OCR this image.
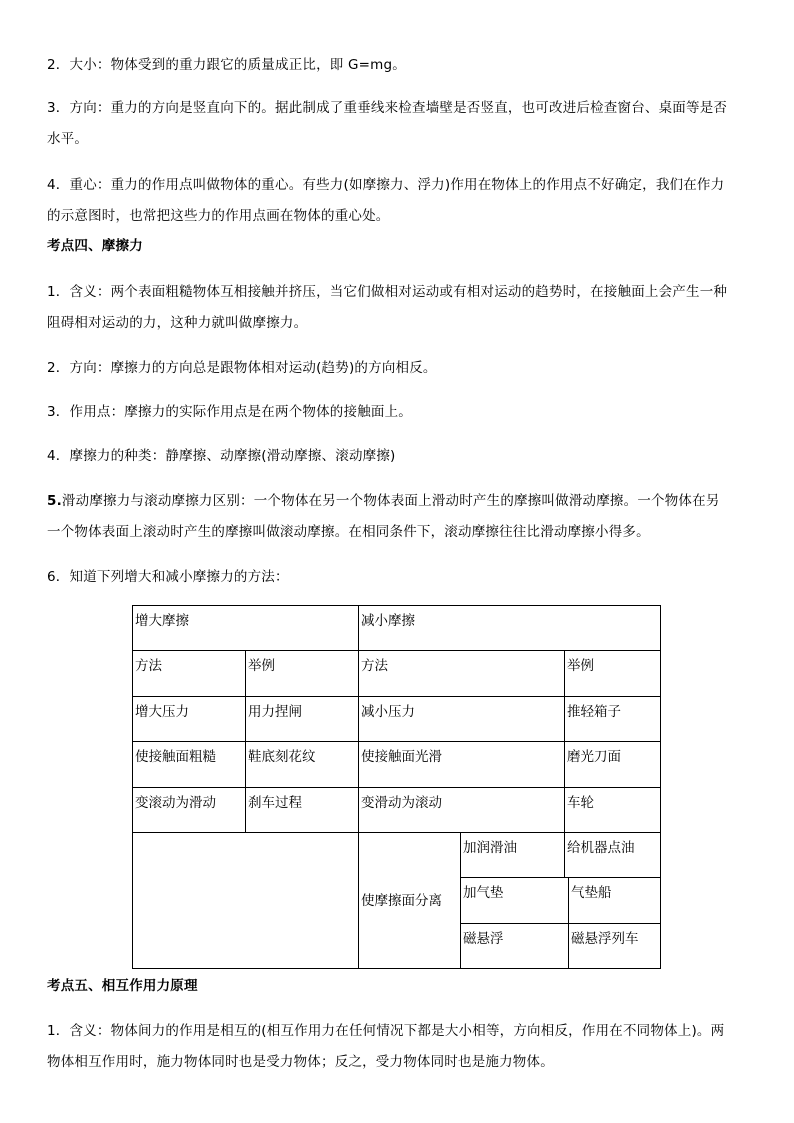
2．大小：物体受到的重力跟它的质量成正比，即 G=mg。

3．方向：重力的方向是竖直向下的。据此制成了重垂线来检查墙壁是否竖直，也可改进后检查窗台、桌面等是否

水平。

4．重心：重力的作用点叫做物体的重心。有些力(如摩擦力、浮力)作用在物体上的作用点不好确定，我们在作力

的示意图时，也常把这些力的作用点画在物体的重心处。

考点四、摩擦力

1．含义：两个表面粗糙物体互相接触并挤压，当它们做相对运动或有相对运动的趋势时，在接触面上会产生一种

阻碍相对运动的力，这种力就叫做摩擦力。

2．方向：摩擦力的方向总是跟物体相对运动(趋势)的方向相反。

3．作用点：摩擦力的实际作用点是在两个物体的接触面上。

4．摩擦力的种类：静摩擦、动摩擦(滑动摩擦、滚动摩擦)

5.滑动摩擦力与滚动摩擦力区别：一个物体在另一个物体表面上滑动时产生的摩擦叫做滑动摩擦。一个物体在另

一个物体表面上滚动时产生的摩擦叫做滚动摩擦。在相同条件下，滚动摩擦往往比滑动摩擦小得多。

6．知道下列增大和减小摩擦力的方法：

增大摩擦		减小摩擦			
方法	举例	方法		举例	
增大压力	用力捏闸	减小压力		推轻箱子	
使接触面粗糙	鞋底刻花纹	使接触面光滑		磨光刀面	
变滚动为滑动	刹车过程	变滑动为滚动		车轮	
		使摩擦面分离	加润滑油	给机器点油	
			加气垫		气垫船
			磁悬浮		磁悬浮列车

考点五、相互作用力原理

1．含义：物体间力的作用是相互的(相互作用力在任何情况下都是大小相等，方向相反，作用在不同物体上)。两

物体相互作用时，施力物体同时也是受力物体；反之，受力物体同时也是施力物体。
